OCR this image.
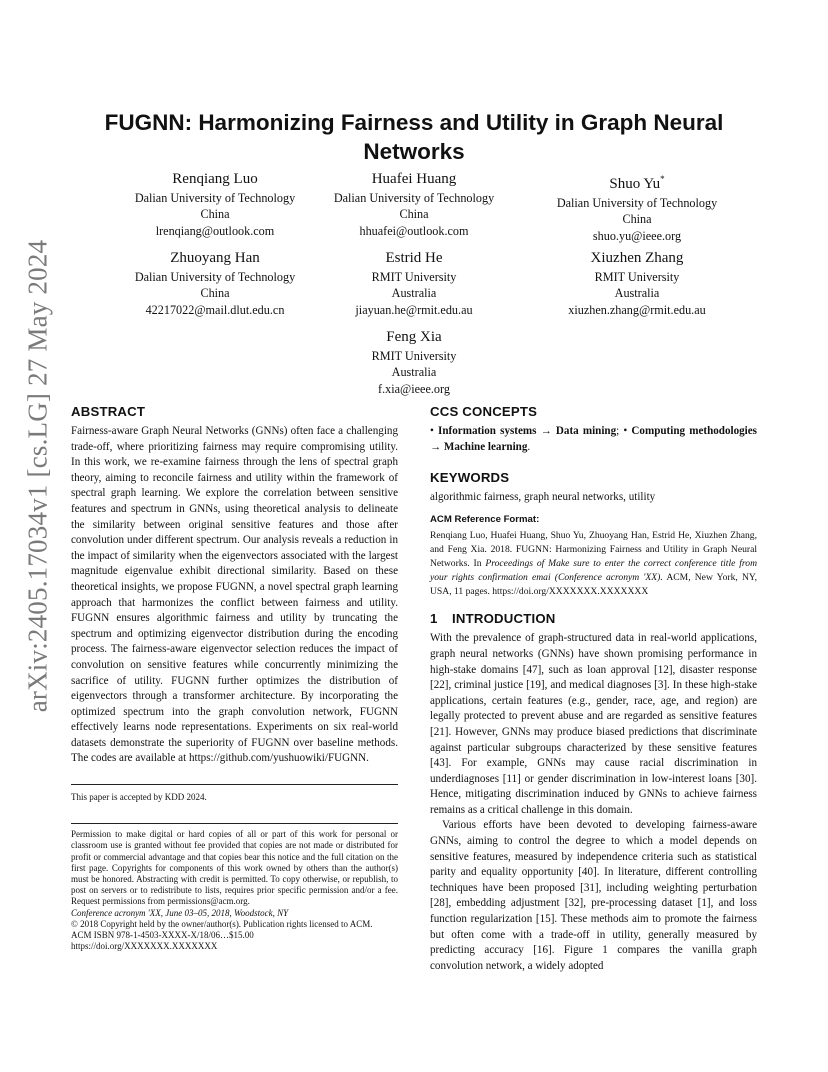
arXiv:2405.17034v1 [cs.LG] 27 May 2024
FUGNN: Harmonizing Fairness and Utility in Graph Neural Networks
Renqiang Luo
Dalian University of Technology
China
lrenqiang@outlook.com
Huafei Huang
Dalian University of Technology
China
hhuafei@outlook.com
Shuo Yu*
Dalian University of Technology
China
shuo.yu@ieee.org
Zhuoyang Han
Dalian University of Technology
China
42217022@mail.dlut.edu.cn
Estrid He
RMIT University
Australia
jiayuan.he@rmit.edu.au
Xiuzhen Zhang
RMIT University
Australia
xiuzhen.zhang@rmit.edu.au
Feng Xia
RMIT University
Australia
f.xia@ieee.org
ABSTRACT

Fairness-aware Graph Neural Networks (GNNs) often face a challenging trade-off, where prioritizing fairness may require compromising utility. In this work, we re-examine fairness through the lens of spectral graph theory, aiming to reconcile fairness and utility within the framework of spectral graph learning. We explore the correlation between sensitive features and spectrum in GNNs, using theoretical analysis to delineate the similarity between original sensitive features and those after convolution under different spectrum. Our analysis reveals a reduction in the impact of similarity when the eigenvectors associated with the largest magnitude eigenvalue exhibit directional similarity. Based on these theoretical insights, we propose FUGNN, a novel spectral graph learning approach that harmonizes the conflict between fairness and utility. FUGNN ensures algorithmic fairness and utility by truncating the spectrum and optimizing eigenvector distribution during the encoding process. The fairness-aware eigenvector selection reduces the impact of convolution on sensitive features while concurrently minimizing the sacrifice of utility. FUGNN further optimizes the distribution of eigenvectors through a transformer architecture. By incorporating the optimized spectrum into the graph convolution network, FUGNN effectively learns node representations. Experiments on six real-world datasets demonstrate the superiority of FUGNN over baseline methods. The codes are available at https://github.com/yushuowiki/FUGNN.

This paper is accepted by KDD 2024.
Permission to make digital or hard copies of all or part of this work for personal or classroom use is granted without fee provided that copies are not made or distributed for profit or commercial advantage and that copies bear this notice and the full citation on the first page. Copyrights for components of this work owned by others than the author(s) must be honored. Abstracting with credit is permitted. To copy otherwise, or republish, to post on servers or to redistribute to lists, requires prior specific permission and/or a fee. Request permissions from permissions@acm.org.
Conference acronym 'XX, June 03–05, 2018, Woodstock, NY
© 2018 Copyright held by the owner/author(s). Publication rights licensed to ACM.
ACM ISBN 978-1-4503-XXXX-X/18/06…$15.00
https://doi.org/XXXXXXX.XXXXXXX
CCS CONCEPTS

• Information systems → Data mining; • Computing methodologies → Machine learning.

KEYWORDS

algorithmic fairness, graph neural networks, utility

ACM Reference Format:

Renqiang Luo, Huafei Huang, Shuo Yu, Zhuoyang Han, Estrid He, Xiuzhen Zhang, and Feng Xia. 2018. FUGNN: Harmonizing Fairness and Utility in Graph Neural Networks. In Proceedings of Make sure to enter the correct conference title from your rights confirmation emai (Conference acronym 'XX). ACM, New York, NY, USA, 11 pages. https://doi.org/XXXXXXX.XXXXXXX

1 INTRODUCTION

With the prevalence of graph-structured data in real-world applications, graph neural networks (GNNs) have shown promising performance in high-stake domains [47], such as loan approval [12], disaster response [22], criminal justice [19], and medical diagnoses [3]. In these high-stake applications, certain features (e.g., gender, race, age, and region) are legally protected to prevent abuse and are regarded as sensitive features [21]. However, GNNs may produce biased predictions that discriminate against particular subgroups characterized by these sensitive features [43]. For example, GNNs may cause racial discrimination in underdiagnoses [11] or gender discrimination in low-interest loans [30]. Hence, mitigating discrimination induced by GNNs to achieve fairness remains as a critical challenge in this domain.

Various efforts have been devoted to developing fairness-aware GNNs, aiming to control the degree to which a model depends on sensitive features, measured by independence criteria such as statistical parity and equality opportunity [40]. In literature, different controlling techniques have been proposed [31], including weighting perturbation [28], embedding adjustment [32], pre-processing dataset [1], and loss function regularization [15]. These methods aim to promote the fairness but often come with a trade-off in utility, generally measured by predicting accuracy [16]. Figure 1 compares the vanilla graph convolution network, a widely adopted
